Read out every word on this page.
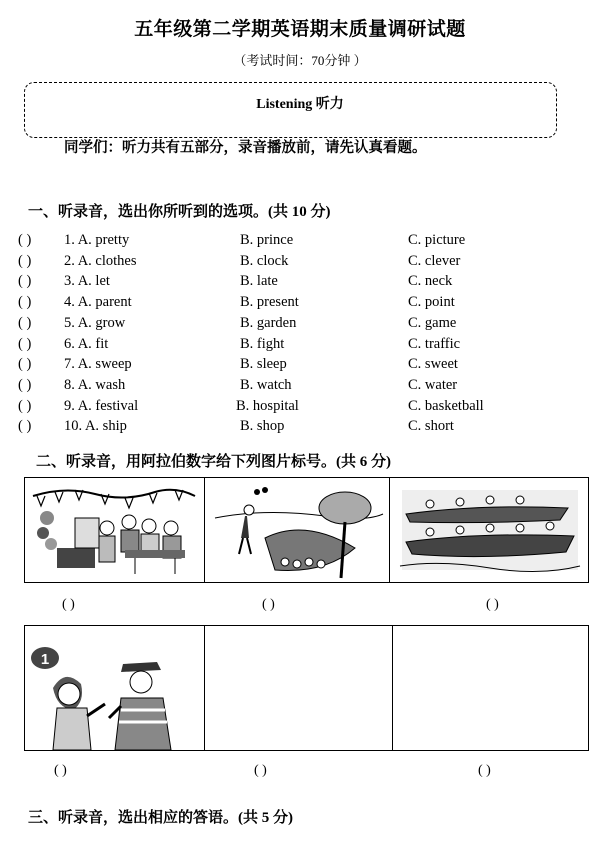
五年级第二学期英语期末质量调研试题
（考试时间：70分钟 ）
Listening 听力
同学们：听力共有五部分，录音播放前，请先认真看题。
一、听录音，选出你所听到的选项。(共 10 分)
( ) 1. A. pretty	B. prince	C. picture
( ) 2. A. clothes	B. clock	C. clever
( ) 3. A. let	B. late	C. neck
( ) 4. A. parent	B. present	C. point
( ) 5. A. grow	B. garden	C. game
( ) 6. A. fit	B. fight	C. traffic
( ) 7. A. sweep	B. sleep	C. sweet
( ) 8. A. wash	B. watch	C. water
( ) 9. A. festival	B. hospital	C. basketball
( ) 10. A. ship	B. shop	C. short
二、听录音，用阿拉伯数字给下列图片标号。(共 6 分)

( )	( )	( )
1

( )	( )	( )
三、听录音，选出相应的答语。(共 5 分)
